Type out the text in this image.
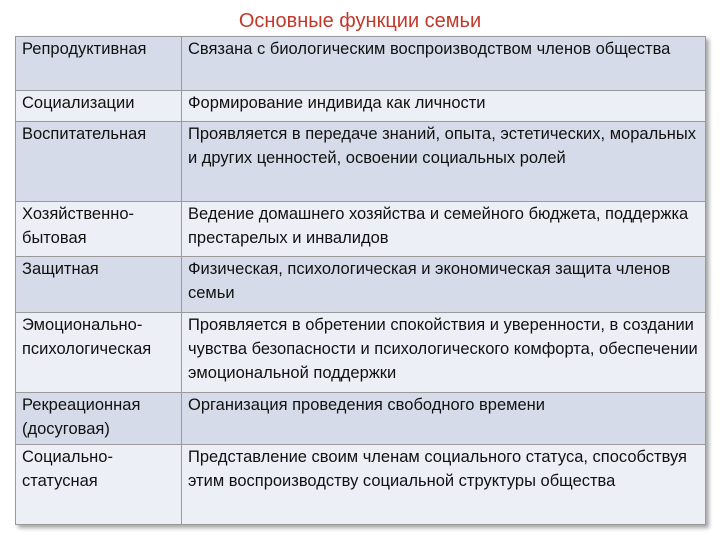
Основные функции семьи
Репродуктивная	Связана с биологическим воспроизводством членов общества
Социализации	Формирование индивида как личности
Воспитательная	Проявляется в передаче знаний, опыта, эстетических, моральных и других ценностей, освоении социальных ролей
Хозяйственно-бытовая	Ведение домашнего хозяйства и семейного бюджета, поддержка престарелых и инвалидов
Защитная	Физическая, психологическая и экономическая защита членов семьи
Эмоционально-психологическая	Проявляется в обретении спокойствия и уверенности, в создании чувства безопасности и психологического комфорта, обеспечении эмоциональной поддержки
Рекреационная (досуговая)	Организация проведения свободного времени
Социально-статусная	Представление своим членам социального статуса, способствуя этим воспроизводству социальной структуры общества
